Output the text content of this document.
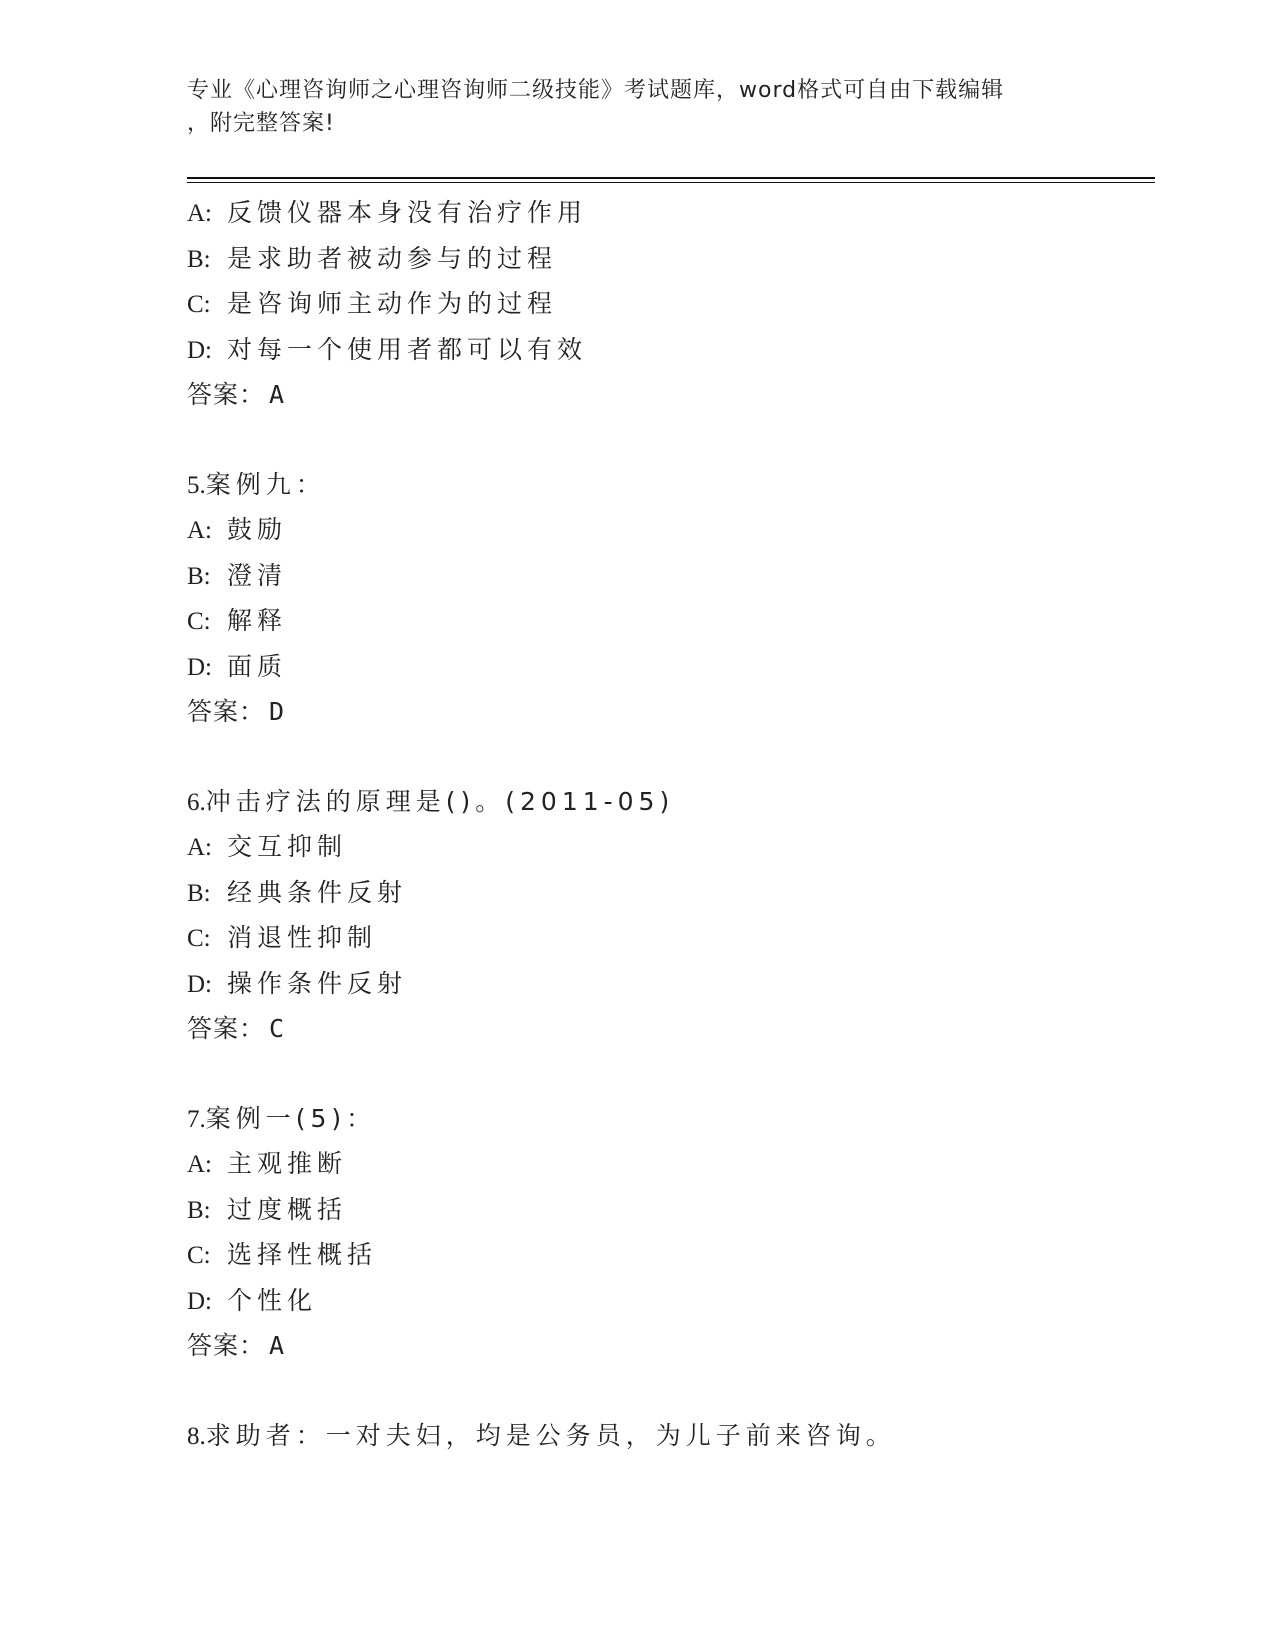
专业《心理咨询师之心理咨询师二级技能》考试题库，word格式可自由下载编辑
，附完整答案!
A: 反馈仪器本身没有治疗作用
B: 是求助者被动参与的过程
C: 是咨询师主动作为的过程
D: 对每一个使用者都可以有效
答案： A
5.案例九：
A: 鼓励
B: 澄清
C: 解释
D: 面质
答案： D
6.冲击疗法的原理是()。(2011-05)
A: 交互抑制
B: 经典条件反射
C: 消退性抑制
D: 操作条件反射
答案： C
7.案例一(5)：
A: 主观推断
B: 过度概括
C: 选择性概括
D: 个性化
答案： A
8.求助者：一对夫妇，均是公务员，为儿子前来咨询。
